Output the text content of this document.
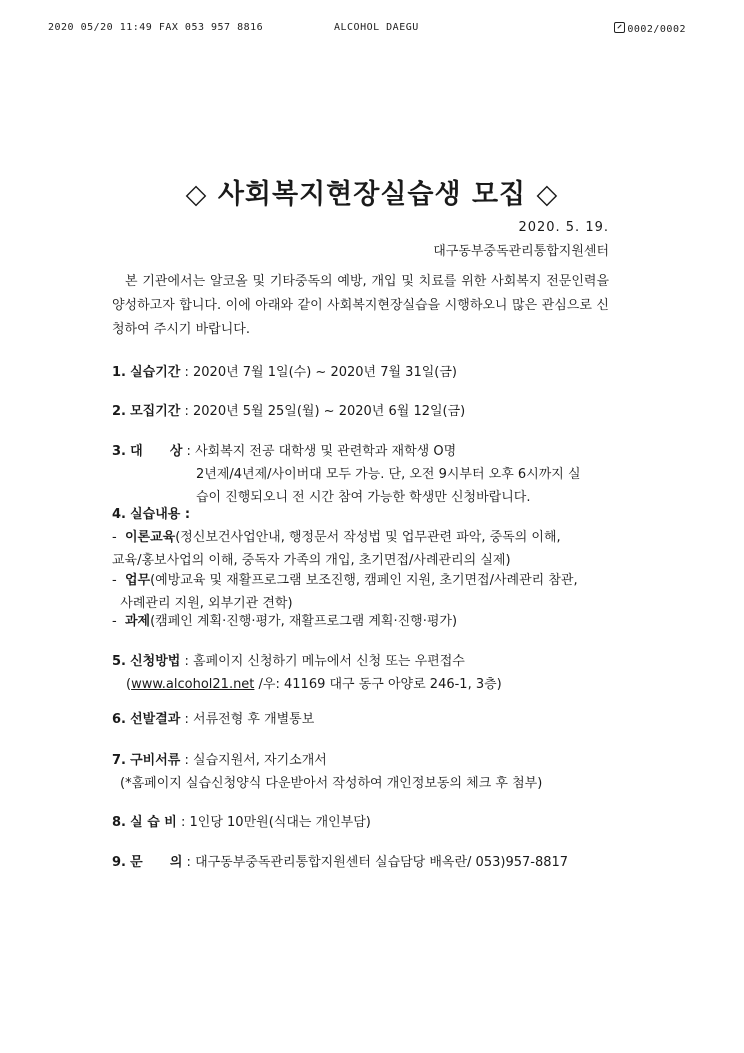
2020 05/20 11:49 FAX 053 957 8816	ALCOHOL DAEGU	0002/0002
◇ 사회복지현장실습생 모집 ◇
2020. 5. 19.
대구동부중독관리통합지원센터
본 기관에서는 알코올 및 기타중독의 예방, 개입 및 치료를 위한 사회복지 전문인력을 양성하고자 합니다. 이에 아래와 같이 사회복지현장실습을 시행하오니 많은 관심으로 신청하여 주시기 바랍니다.
1. 실습기간 : 2020년 7월 1일(수) ~ 2020년 7월 31일(금)
2. 모집기간 : 2020년 5월 25일(월) ~ 2020년 6월 12일(금)
3. 대      상 : 사회복지 전공 대학생 및 관련학과 재학생 O명
2년제/4년제/사이버대 모두 가능. 단, 오전 9시부터 오후 6시까지 실
습이 진행되오니 전 시간 참여 가능한 학생만 신청바랍니다.
4. 실습내용 :
-  이론교육(정신보건사업안내, 행정문서 작성법 및 업무관련 파악, 중독의 이해,
교육/홍보사업의 이해, 중독자 가족의 개입, 초기면접/사례관리의 실제)
-  업무(예방교육 및 재활프로그램 보조진행, 캠페인 지원, 초기면접/사례관리 참관,
사례관리 지원, 외부기관 견학)
-  과제(캠페인 계획·진행·평가, 재활프로그램 계획·진행·평가)
5. 신청방법 : 홈페이지 신청하기 메뉴에서 신청 또는 우편접수
(www.alcohol21.net /우: 41169 대구 동구 아양로 246-1, 3층)
6. 선발결과 : 서류전형 후 개별통보
7. 구비서류 : 실습지원서, 자기소개서
(*홈페이지 실습신청양식 다운받아서 작성하여 개인정보동의 체크 후 첨부)
8. 실 습 비 : 1인당 10만원(식대는 개인부담)
9. 문      의 : 대구동부중독관리통합지원센터 실습담당 배옥란/ 053)957-8817
